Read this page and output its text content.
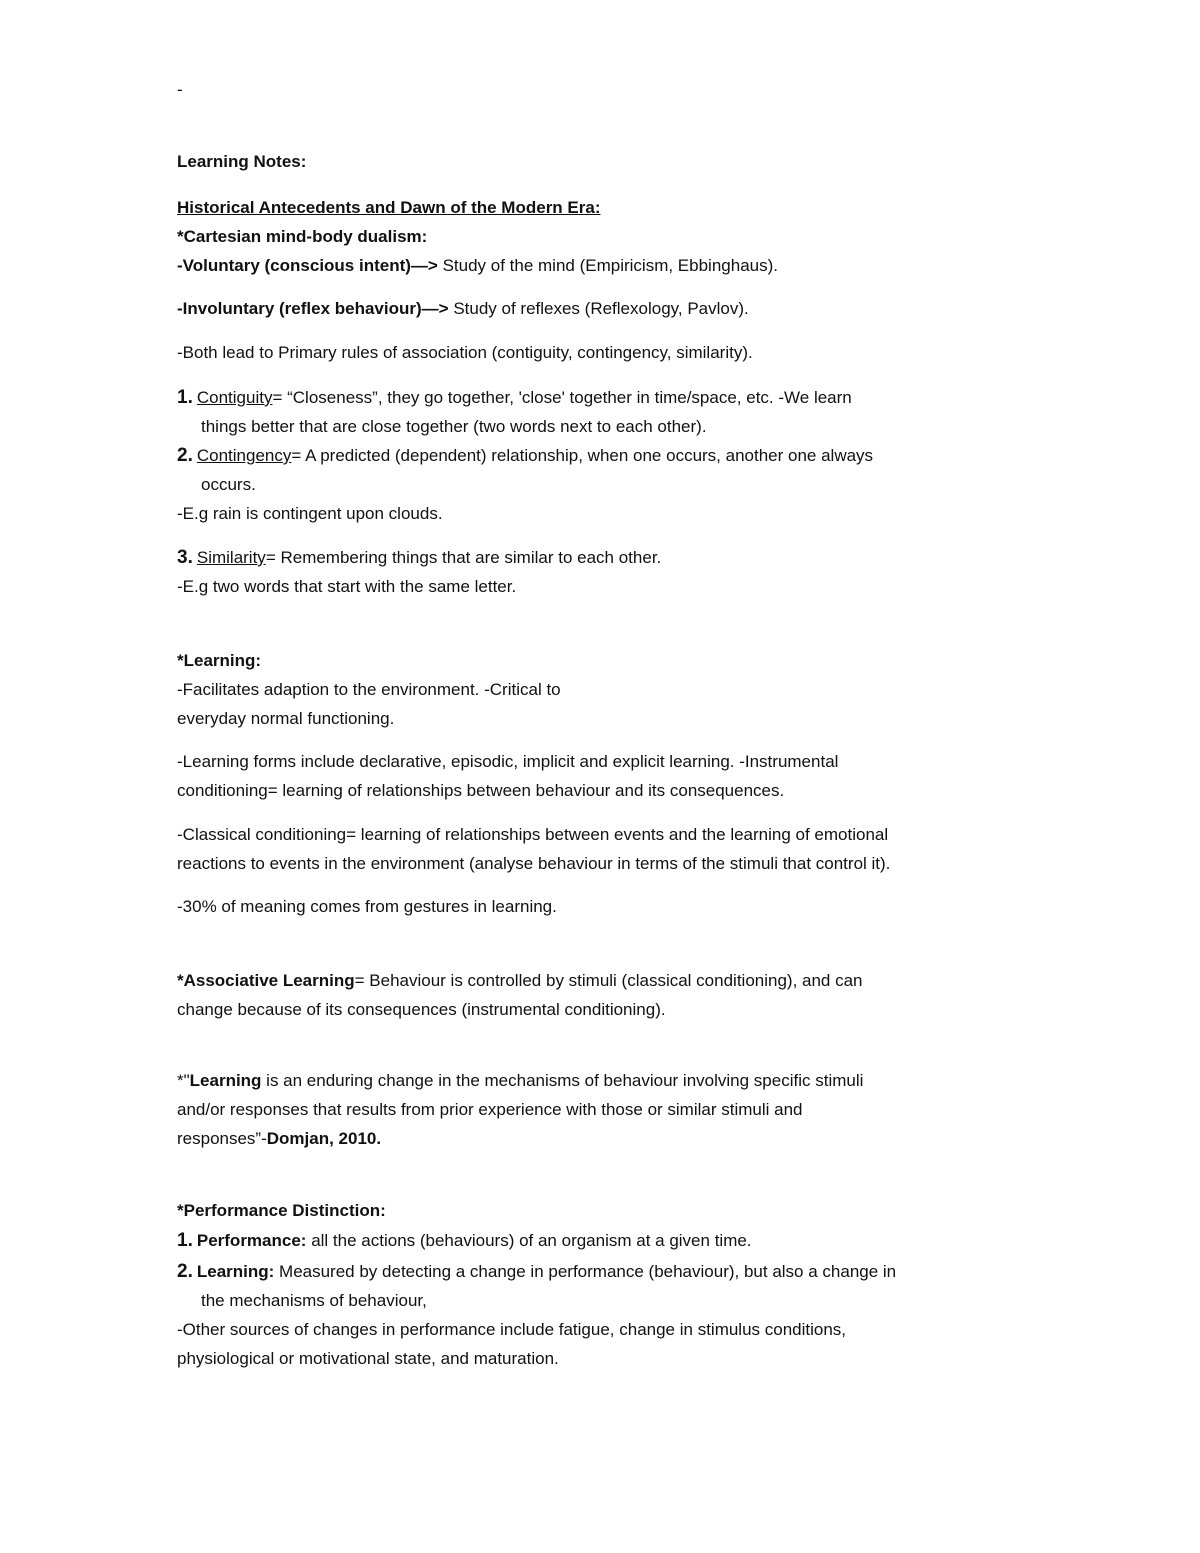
-
Learning Notes:
Historical Antecedents and Dawn of the Modern Era:
*Cartesian mind-body dualism:
-Voluntary (conscious intent)—> Study of the mind (Empiricism, Ebbinghaus).
-Involuntary (reflex behaviour)—> Study of reflexes (Reflexology, Pavlov).
-Both lead to Primary rules of association (contiguity, contingency, similarity).
1. Contiguity= “Closeness”, they go together, 'close' together in time/space, etc. -We learn
things better that are close together (two words next to each other).
2. Contingency= A predicted (dependent) relationship, when one occurs, another one always
occurs.
-E.g rain is contingent upon clouds.
3. Similarity= Remembering things that are similar to each other.
-E.g two words that start with the same letter.
*Learning:
-Facilitates adaption to the environment. -Critical to
everyday normal functioning.
-Learning forms include declarative, episodic, implicit and explicit learning. -Instrumental
conditioning= learning of relationships between behaviour and its consequences.
-Classical conditioning= learning of relationships between events and the learning of emotional
reactions to events in the environment (analyse behaviour in terms of the stimuli that control it).
-30% of meaning comes from gestures in learning.
*Associative Learning= Behaviour is controlled by stimuli (classical conditioning), and can
change because of its consequences (instrumental conditioning).
*"Learning is an enduring change in the mechanisms of behaviour involving specific stimuli
and/or responses that results from prior experience with those or similar stimuli and
responses”-Domjan, 2010.
*Performance Distinction:
1. Performance: all the actions (behaviours) of an organism at a given time.
2. Learning: Measured by detecting a change in performance (behaviour), but also a change in
the mechanisms of behaviour,
-Other sources of changes in performance include fatigue, change in stimulus conditions,
physiological or motivational state, and maturation.
